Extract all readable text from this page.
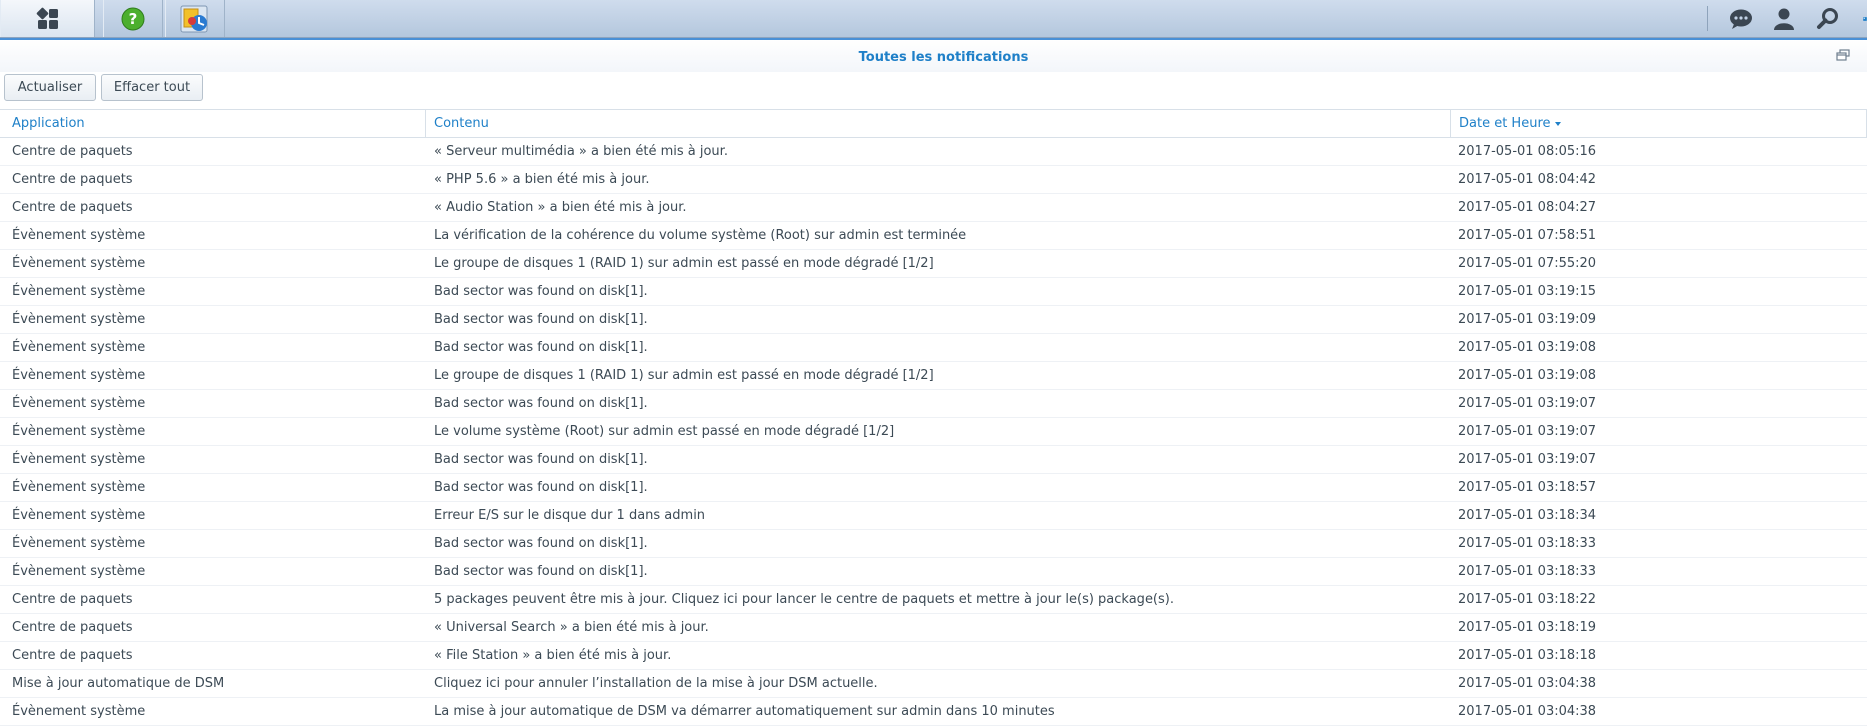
?
Toutes les notifications
Actualiser	Effacer tout
Application	Contenu	Date et Heure
Centre de paquets	« Serveur multimédia » a bien été mis à jour.	2017-05-01 08:05:16
Centre de paquets	« PHP 5.6 » a bien été mis à jour.	2017-05-01 08:04:42
Centre de paquets	« Audio Station » a bien été mis à jour.	2017-05-01 08:04:27
Évènement système	La vérification de la cohérence du volume système (Root) sur admin est terminée	2017-05-01 07:58:51
Évènement système	Le groupe de disques 1 (RAID 1) sur admin est passé en mode dégradé [1/2]	2017-05-01 07:55:20
Évènement système	Bad sector was found on disk[1].	2017-05-01 03:19:15
Évènement système	Bad sector was found on disk[1].	2017-05-01 03:19:09
Évènement système	Bad sector was found on disk[1].	2017-05-01 03:19:08
Évènement système	Le groupe de disques 1 (RAID 1) sur admin est passé en mode dégradé [1/2]	2017-05-01 03:19:08
Évènement système	Bad sector was found on disk[1].	2017-05-01 03:19:07
Évènement système	Le volume système (Root) sur admin est passé en mode dégradé [1/2]	2017-05-01 03:19:07
Évènement système	Bad sector was found on disk[1].	2017-05-01 03:19:07
Évènement système	Bad sector was found on disk[1].	2017-05-01 03:18:57
Évènement système	Erreur E/S sur le disque dur 1 dans admin	2017-05-01 03:18:34
Évènement système	Bad sector was found on disk[1].	2017-05-01 03:18:33
Évènement système	Bad sector was found on disk[1].	2017-05-01 03:18:33
Centre de paquets	5 packages peuvent être mis à jour. Cliquez ici pour lancer le centre de paquets et mettre à jour le(s) package(s).	2017-05-01 03:18:22
Centre de paquets	« Universal Search » a bien été mis à jour.	2017-05-01 03:18:19
Centre de paquets	« File Station » a bien été mis à jour.	2017-05-01 03:18:18
Mise à jour automatique de DSM	Cliquez ici pour annuler l’installation de la mise à jour DSM actuelle.	2017-05-01 03:04:38
Évènement système	La mise à jour automatique de DSM va démarrer automatiquement sur admin dans 10 minutes	2017-05-01 03:04:38
